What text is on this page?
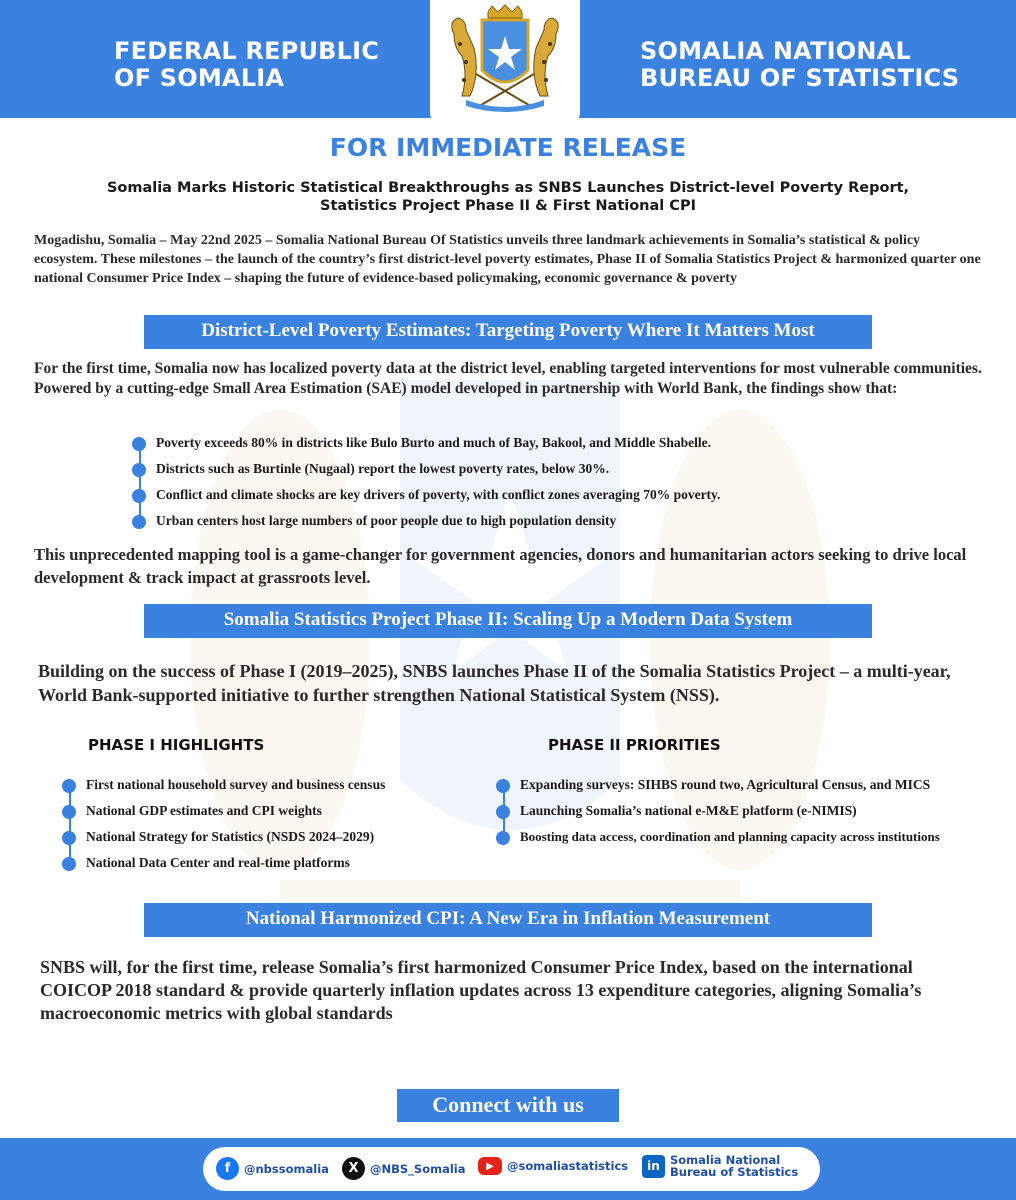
FEDERAL REPUBLIC
OF SOMALIA
SOMALIA NATIONAL
BUREAU OF STATISTICS
FOR IMMEDIATE RELEASE
Somalia Marks Historic Statistical Breakthroughs as SNBS Launches District-level Poverty Report,
Statistics Project Phase II & First National CPI
Mogadishu, Somalia – May 22nd 2025 – Somalia National Bureau Of Statistics unveils three landmark achievements in Somalia’s statistical & policy ecosystem. These milestones – the launch of the country’s first district-level poverty estimates, Phase II of Somalia Statistics Project & harmonized quarter one national Consumer Price Index – shaping the future of evidence-based policymaking, economic governance & poverty
District-Level Poverty Estimates: Targeting Poverty Where It Matters Most
For the first time, Somalia now has localized poverty data at the district level, enabling targeted interventions for most vulnerable communities. Powered by a cutting-edge Small Area Estimation (SAE) model developed in partnership with World Bank, the findings show that:
Poverty exceeds 80% in districts like Bulo Burto and much of Bay, Bakool, and Middle Shabelle.
Districts such as Burtinle (Nugaal) report the lowest poverty rates, below 30%.
Conflict and climate shocks are key drivers of poverty, with conflict zones averaging 70% poverty.
Urban centers host large numbers of poor people due to high population density
This unprecedented mapping tool is a game-changer for government agencies, donors and humanitarian actors seeking to drive local development & track impact at grassroots level.
Somalia Statistics Project Phase II: Scaling Up a Modern Data System
Building on the success of Phase I (2019–2025), SNBS launches Phase II of the Somalia Statistics Project – a multi-year, World Bank-supported initiative to further strengthen National Statistical System (NSS).
PHASE I HIGHLIGHTS	PHASE II PRIORITIES
First national household survey and business census
National GDP estimates and CPI weights
National Strategy for Statistics (NSDS 2024–2029)
National Data Center and real-time platforms
Expanding surveys: SIHBS round two, Agricultural Census, and MICS
Launching Somalia’s national e-M&E platform (e-NIMIS)
Boosting data access, coordination and planning capacity across institutions
National Harmonized CPI: A New Era in Inflation Measurement
SNBS will, for the first time, release Somalia’s first harmonized Consumer Price Index, based on the international COICOP 2018 standard & provide quarterly inflation updates across 13 expenditure categories, aligning Somalia’s macroeconomic metrics with global standards
Connect with us
f	@nbssomalia	X @NBS_Somalia	▶	@somaliastatistics	in Somalia National
Bureau of Statistics
